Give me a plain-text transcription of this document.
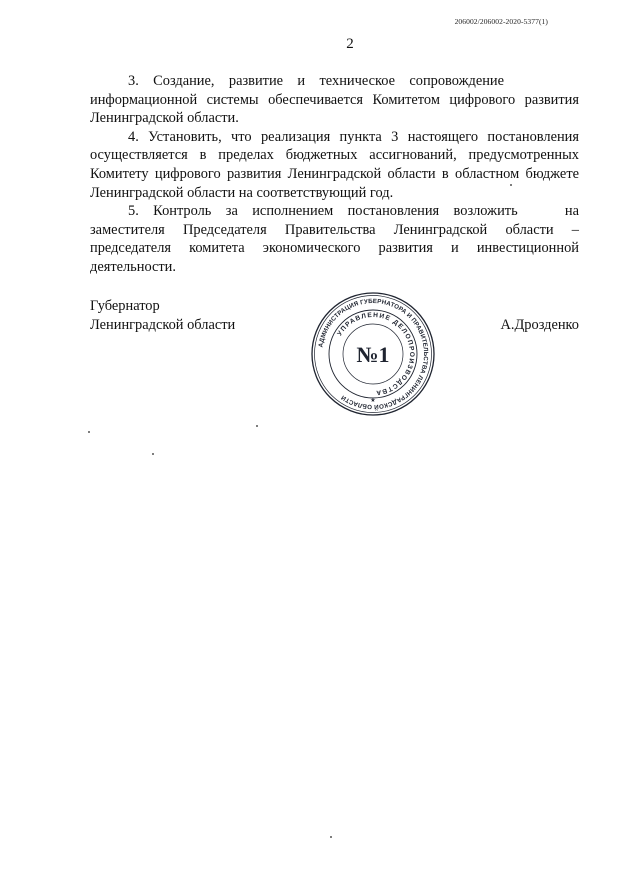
206002/206002-2020-5377(1)
2

3. Создание, развитие и техническое сопровождение информационной системы обеспечивается Комитетом цифрового развития Ленинградской области.

4. Установить, что реализация пункта 3 настоящего постановления осуществляется в пределах бюджетных ассигнований, предусмотренных Комитету цифрового развития Ленинградской области в областном бюджете Ленинградской области на соответствующий год.

5. Контроль за исполнением постановления возложить на заместителя Председателя Правительства Ленинградской области – председателя комитета экономического развития и инвестиционной деятельности.

Губернатор
Ленинградской области	А.Дрозденко
АДМИНИСТРАЦИЯ ГУБЕРНАТОРА И ПРАВИТЕЛЬСТВА ЛЕНИНГРАДСКОЙ ОБЛАСТИ
УПРАВЛЕНИЕ ДЕЛОПРОИЗВОДСТВА
№1
★
